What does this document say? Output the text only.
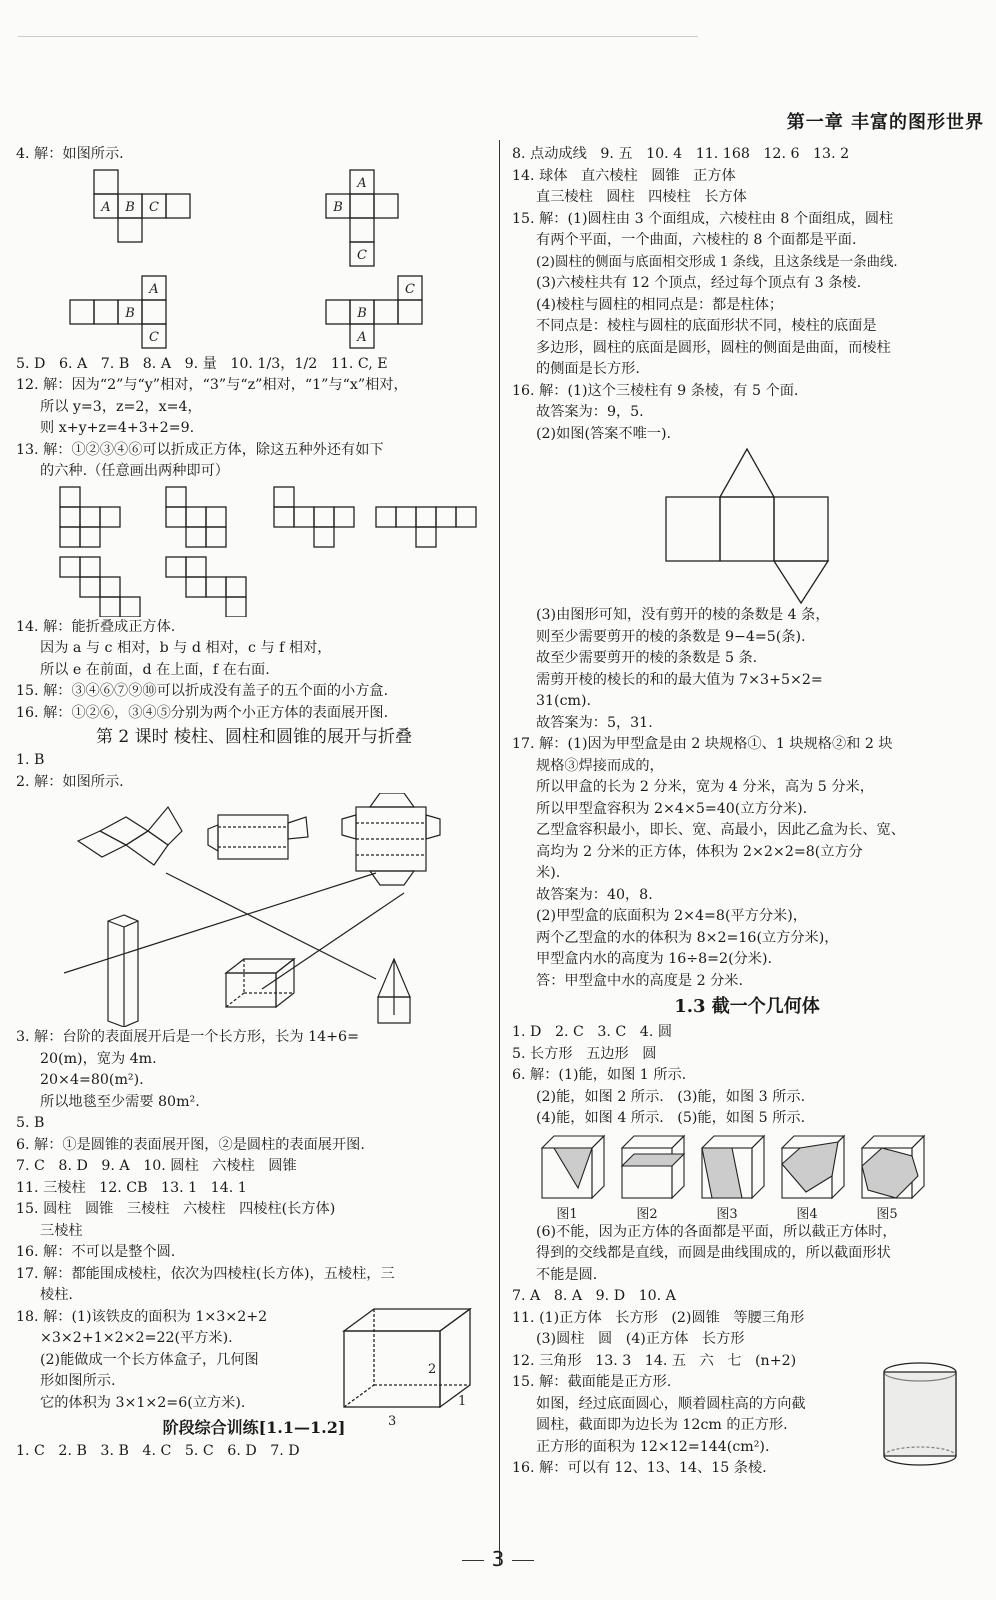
第一章 丰富的图形世界
4. 解：如图所示.
A B C
A
B
C
A
B
C
C
B
A
5. D   6. A   7. B   8. A   9. 量   10. 1/3，1/2   11. C, E
12. 解：因为“2”与“y”相对，“3”与“z”相对，“1”与“x”相对，
所以 y=3，z=2，x=4，
则 x+y+z=4+3+2=9.
13. 解：①②③④⑥可以折成正方体，除这五种外还有如下
的六种.（任意画出两种即可）
14. 解：能折叠成正方体.
因为 a 与 c 相对，b 与 d 相对，c 与 f 相对，
所以 e 在前面，d 在上面，f 在右面.
15. 解：③④⑥⑦⑨⑩可以折成没有盖子的五个面的小方盒.
16. 解：①②⑥，③④⑤分别为两个小正方体的表面展开图.
第 2 课时 棱柱、圆柱和圆锥的展开与折叠
1. B
2. 解：如图所示.
3. 解：台阶的表面展开后是一个长方形，长为 14+6=
20(m)，宽为 4m.
20×4=80(m²).
所以地毯至少需要 80m².
5. B
6. 解：①是圆锥的表面展开图，②是圆柱的表面展开图.
7. C   8. D   9. A   10. 圆柱   六棱柱   圆锥
11. 三棱柱   12. CB   13. 1   14. 1
15. 圆柱   圆锥   三棱柱   六棱柱   四棱柱(长方体)
三棱柱
16. 解：不可以是整个圆.
17. 解：都能围成棱柱，依次为四棱柱(长方体)，五棱柱，三
棱柱.
18. 解：(1)该铁皮的面积为 1×3×2+2
×3×2+1×2×2=22(平方米).
(2)能做成一个长方体盒子，几何图
形如图所示.
它的体积为 3×1×2=6(立方米).
2
1
3
阶段综合训练[1.1—1.2]
1. C   2. B   3. B   4. C   5. C   6. D   7. D
8. 点动成线   9. 五   10. 4   11. 168   12. 6   13. 2
14. 球体   直六棱柱   圆锥   正方体
直三棱柱   圆柱   四棱柱   长方体
15. 解：(1)圆柱由 3 个面组成，六棱柱由 8 个面组成，圆柱
有两个平面，一个曲面，六棱柱的 8 个面都是平面.
(2)圆柱的侧面与底面相交形成 1 条线，且这条线是一条曲线.
(3)六棱柱共有 12 个顶点，经过每个顶点有 3 条棱.
(4)棱柱与圆柱的相同点是：都是柱体；
不同点是：棱柱与圆柱的底面形状不同，棱柱的底面是
多边形，圆柱的底面是圆形，圆柱的侧面是曲面，而棱柱
的侧面是长方形.
16. 解：(1)这个三棱柱有 9 条棱，有 5 个面.
故答案为：9，5.
(2)如图(答案不唯一).
(3)由图形可知，没有剪开的棱的条数是 4 条，
则至少需要剪开的棱的条数是 9−4=5(条).
故至少需要剪开的棱的条数是 5 条.
需剪开棱的棱长的和的最大值为 7×3+5×2=
31(cm).
故答案为：5，31.
17. 解：(1)因为甲型盒是由 2 块规格①、1 块规格②和 2 块
规格③焊接而成的，
所以甲盒的长为 2 分米，宽为 4 分米，高为 5 分米，
所以甲型盒容积为 2×4×5=40(立方分米).
乙型盒容积最小，即长、宽、高最小，因此乙盒为长、宽、
高均为 2 分米的正方体，体积为 2×2×2=8(立方分
米).
故答案为：40，8.
(2)甲型盒的底面积为 2×4=8(平方分米)，
两个乙型盒的水的体积为 8×2=16(立方分米)，
甲型盒内水的高度为 16÷8=2(分米).
答：甲型盒中水的高度是 2 分米.
1.3 截一个几何体
1. D   2. C   3. C   4. 圆
5. 长方形   五边形   圆
6. 解：(1)能，如图 1 所示.
(2)能，如图 2 所示.   (3)能，如图 3 所示.
(4)能，如图 4 所示.   (5)能，如图 5 所示.
图1	图2	图3	图4	图5
(6)不能，因为正方体的各面都是平面，所以截正方体时，
得到的交线都是直线，而圆是曲线围成的，所以截面形状
不能是圆.
7. A   8. A   9. D   10. A
11. (1)正方体   长方形   (2)圆锥   等腰三角形
(3)圆柱   圆   (4)正方体   长方形
12. 三角形   13. 3   14. 五   六   七   (n+2)
15. 解：截面能是正方形.
如图，经过底面圆心，顺着圆柱高的方向截
圆柱，截面即为边长为 12cm 的正方形.
正方形的面积为 12×12=144(cm²).
16. 解：可以有 12、13、14、15 条棱.
3
